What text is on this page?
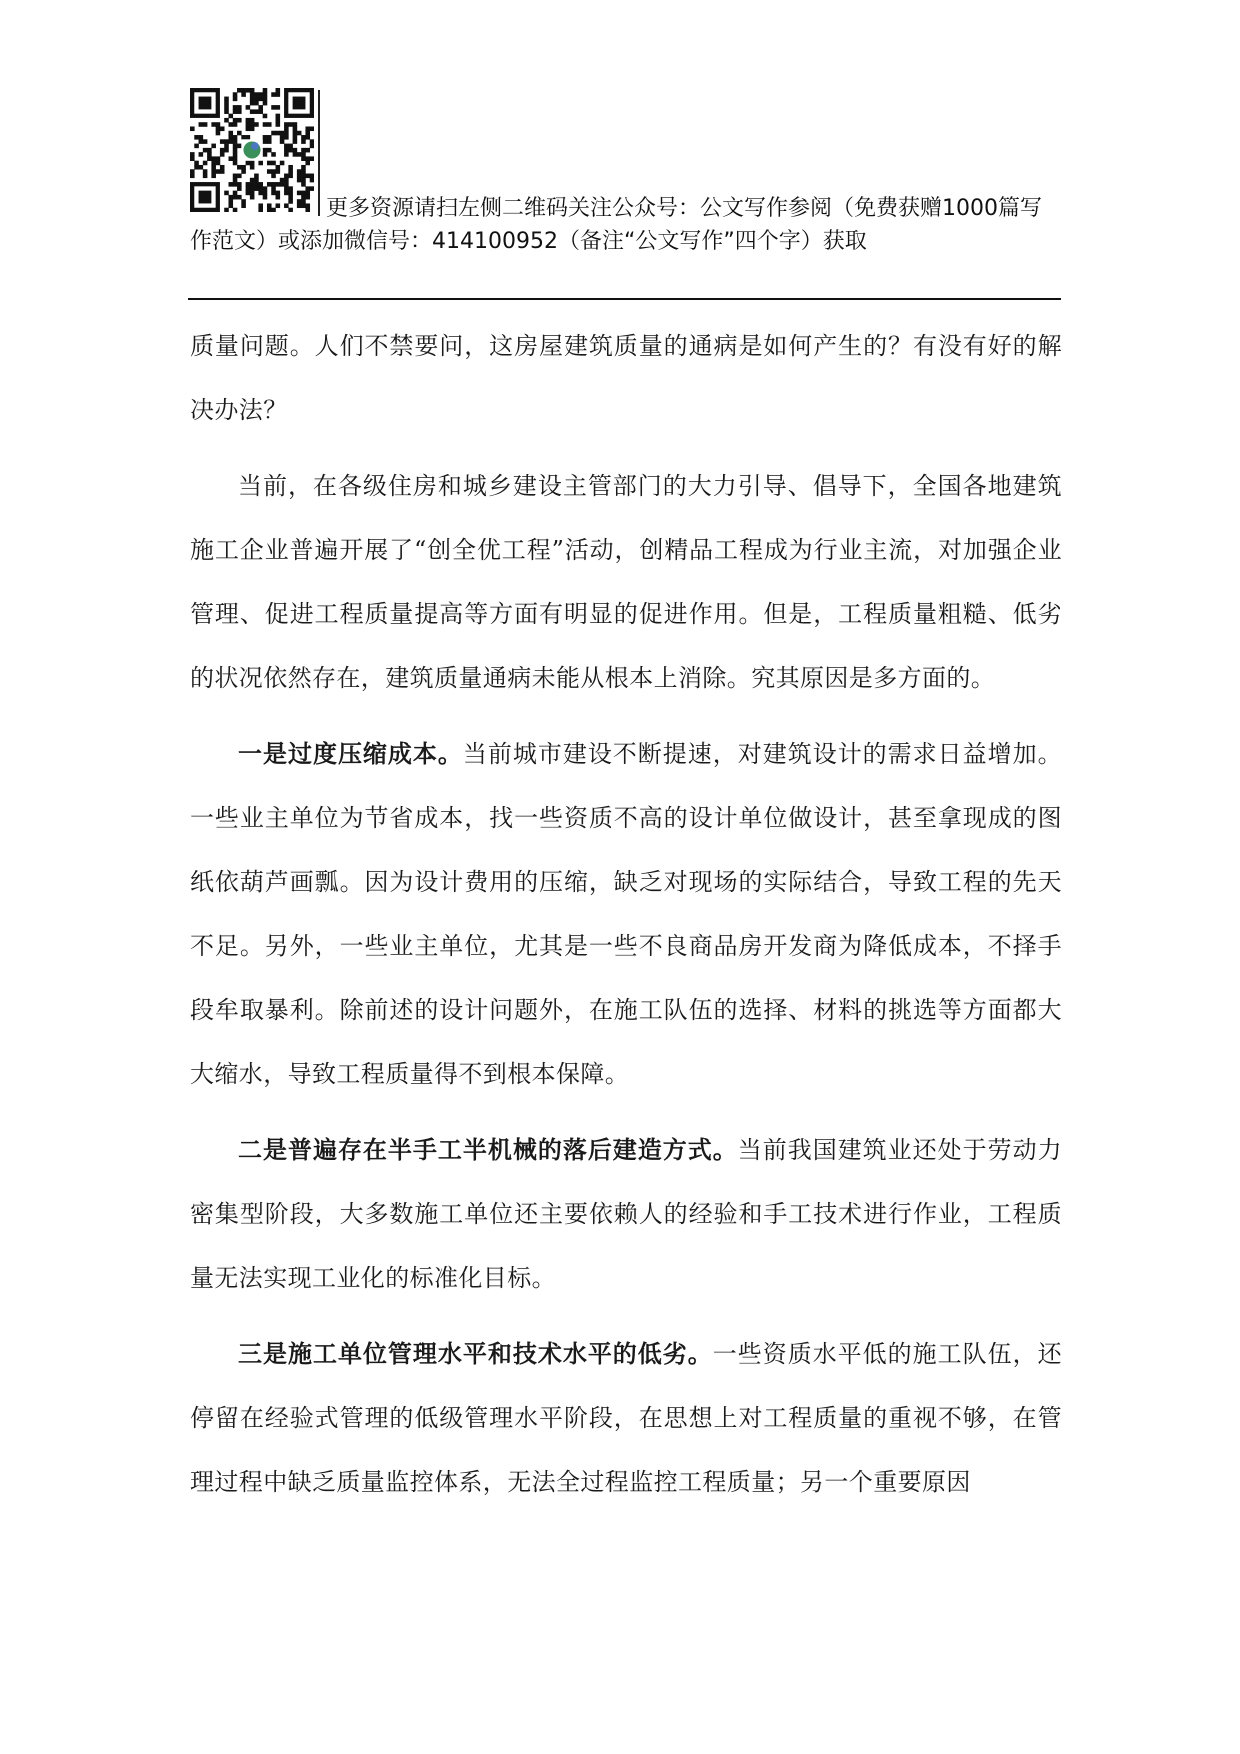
更多资源请扫左侧二维码关注公众号：公文写作参阅（免费获赠1000篇写作范文）或添加微信号：414100952（备注“公文写作”四个字）获取

质量问题。人们不禁要问，这房屋建筑质量的通病是如何产生的？有没有好的解决办法？

当前，在各级住房和城乡建设主管部门的大力引导、倡导下，全国各地建筑施工企业普遍开展了“创全优工程”活动，创精品工程成为行业主流，对加强企业管理、促进工程质量提高等方面有明显的促进作用。但是，工程质量粗糙、低劣的状况依然存在，建筑质量通病未能从根本上消除。究其原因是多方面的。

一是过度压缩成本。当前城市建设不断提速，对建筑设计的需求日益增加。一些业主单位为节省成本，找一些资质不高的设计单位做设计，甚至拿现成的图纸依葫芦画瓢。因为设计费用的压缩，缺乏对现场的实际结合，导致工程的先天不足。另外，一些业主单位，尤其是一些不良商品房开发商为降低成本，不择手段牟取暴利。除前述的设计问题外，在施工队伍的选择、材料的挑选等方面都大大缩水，导致工程质量得不到根本保障。

二是普遍存在半手工半机械的落后建造方式。当前我国建筑业还处于劳动力密集型阶段，大多数施工单位还主要依赖人的经验和手工技术进行作业，工程质量无法实现工业化的标准化目标。

三是施工单位管理水平和技术水平的低劣。一些资质水平低的施工队伍，还停留在经验式管理的低级管理水平阶段，在思想上对工程质量的重视不够，在管理过程中缺乏质量监控体系，无法全过程监控工程质量；另一个重要原因
